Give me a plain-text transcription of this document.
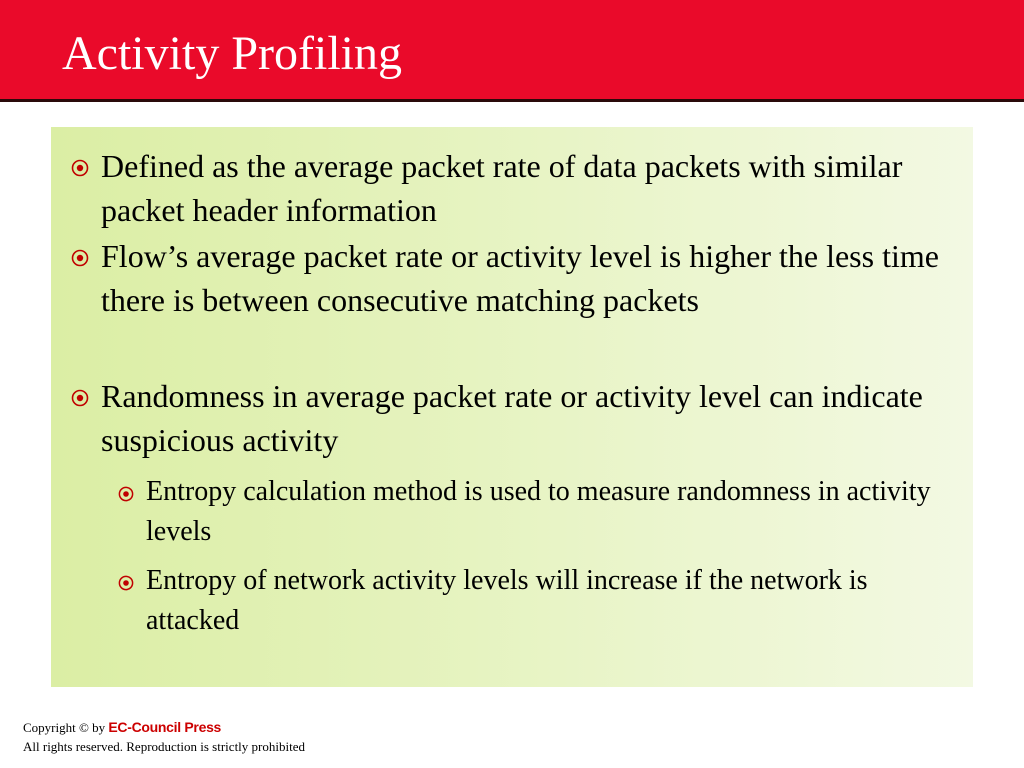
Activity Profiling
Defined as the average packet rate of data packets with similar packet header information
Flow’s average packet rate or activity level is higher the less time there is between consecutive matching packets
Randomness in average packet rate or activity level can indicate suspicious activity
Entropy calculation method is used to measure randomness in activity levels
Entropy of network activity levels will increase if the network is attacked
Copyright © by EC-Council Press
All rights reserved. Reproduction is strictly prohibited
